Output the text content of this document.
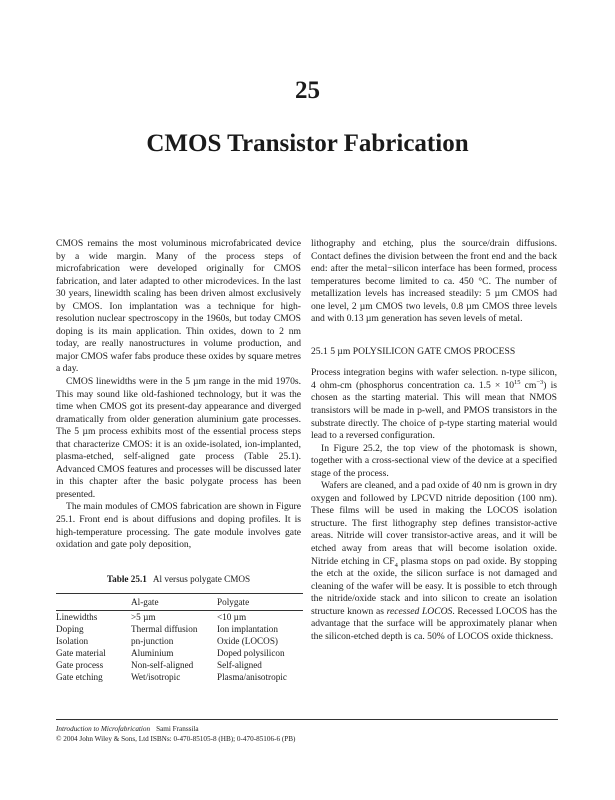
25
CMOS Transistor Fabrication

CMOS remains the most voluminous microfabricated device by a wide margin. Many of the process steps of microfabrication were developed originally for CMOS fabrication, and later adapted to other microdevices. In the last 30 years, linewidth scaling has been driven almost exclusively by CMOS. Ion implantation was a technique for high-resolution nuclear spectroscopy in the 1960s, but today CMOS doping is its main application. Thin oxides, down to 2 nm today, are really nanostructures in volume production, and major CMOS wafer fabs produce these oxides by square metres a day.

CMOS linewidths were in the 5 µm range in the mid 1970s. This may sound like old-fashioned technology, but it was the time when CMOS got its present-day appearance and diverged dramatically from older generation aluminium gate processes. The 5 µm process exhibits most of the essential process steps that characterize CMOS: it is an oxide-isolated, ion-implanted, plasma-etched, self-aligned gate process (Table 25.1). Advanced CMOS features and processes will be discussed later in this chapter after the basic polygate process has been presented.

The main modules of CMOS fabrication are shown in Figure 25.1. Front end is about diffusions and doping profiles. It is high-temperature processing. The gate module involves gate oxidation and gate poly deposition,

Table 25.1 Al versus polygate CMOS
	Al-gate	Polygate
Linewidths	>5 µm	<10 µm
Doping	Thermal diffusion	Ion implantation
Isolation	pn-junction	Oxide (LOCOS)
Gate material	Aluminium	Doped polysilicon
Gate process	Non-self-aligned	Self-aligned
Gate etching	Wet/isotropic	Plasma/anisotropic

lithography and etching, plus the source/drain diffusions. Contact defines the division between the front end and the back end: after the metal−silicon interface has been formed, process temperatures become limited to ca. 450 °C. The number of metallization levels has increased steadily: 5 µm CMOS had one level, 2 µm CMOS two levels, 0.8 µm CMOS three levels and with 0.13 µm generation has seven levels of metal.

25.1 5 µm POLYSILICON GATE CMOS PROCESS

Process integration begins with wafer selection. n-type silicon, 4 ohm-cm (phosphorus concentration ca. $1.5 \times 10^{15}$ $cm^{-3}$) is chosen as the starting material. This will mean that NMOS transistors will be made in p-well, and PMOS transistors in the substrate directly. The choice of p-type starting material would lead to a reversed configuration.

In Figure 25.2, the top view of the photomask is shown, together with a cross-sectional view of the device at a specified stage of the process.

Wafers are cleaned, and a pad oxide of 40 nm is grown in dry oxygen and followed by LPCVD nitride deposition (100 nm). These films will be used in making the LOCOS isolation structure. The first lithography step defines transistor-active areas. Nitride will cover transistor-active areas, and it will be etched away from areas that will become isolation oxide. Nitride etching in $CF_4$ plasma stops on pad oxide. By stopping the etch at the oxide, the silicon surface is not damaged and cleaning of the wafer will be easy. It is possible to etch through the nitride/oxide stack and into silicon to create an isolation structure known as recessed LOCOS. Recessed LOCOS has the advantage that the surface will be approximately planar when the silicon-etched depth is ca. 50% of LOCOS oxide thickness.

Introduction to Microfabrication Sami Franssila
© 2004 John Wiley & Sons, Ltd ISBNs: 0-470-85105-8 (HB); 0-470-85106-6 (PB)
